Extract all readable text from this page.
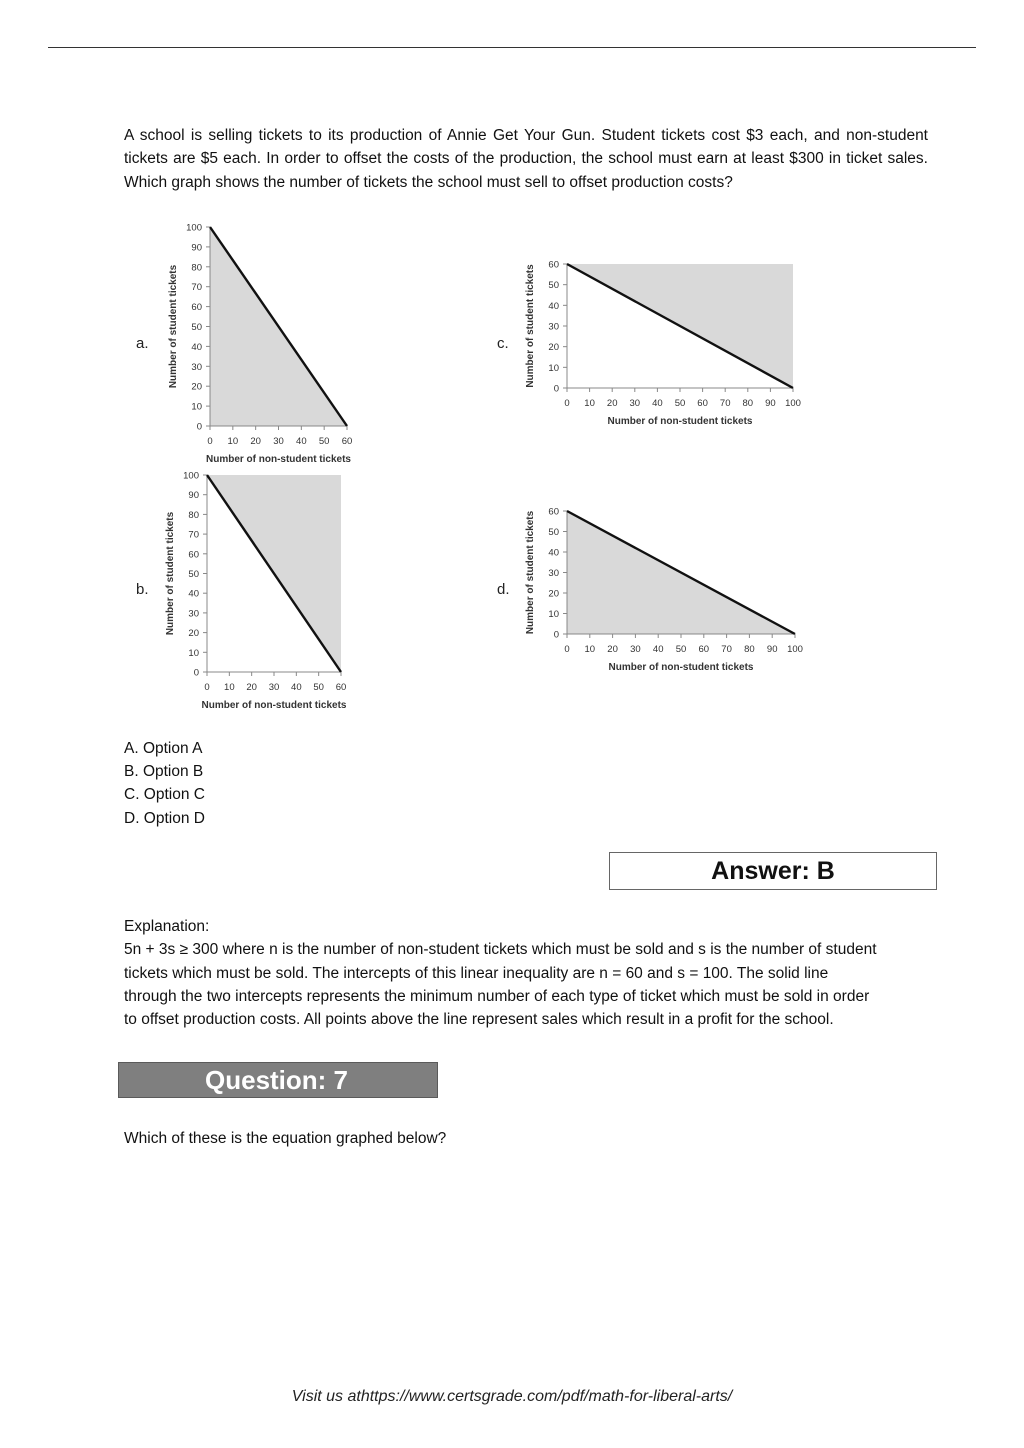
A school is selling tickets to its production of Annie Get Your Gun. Student tickets cost $3 each, and non-student tickets are $5 each. In order to offset the costs of the production, the school must earn at least $300 in ticket sales. Which graph shows the number of tickets the school must sell to offset production costs?

a.
0 10 20 30 40 50 60
0
10
20
30
40
50
60
70
80
90
100
Number of non-student tickets
Number of student tickets	c.
0 10 20 30 40 50 60 70 80 90 100
0
10
20
30
40
50
60
Number of non-student tickets
Number of student tickets
b.
0 10 20 30 40 50 60
0
10
20
30
40
50
60
70
80
90
100
Number of non-student tickets
Number of student tickets	d.
0 10 20 30 40 50 60 70 80 90 100
0
10
20
30
40
50
60
Number of non-student tickets
Number of student tickets
A. Option A
B. Option B
C. Option C
D. Option D
Answer: B

Explanation:

5n + 3s ≥ 300 where n is the number of non-student tickets which must be sold and s is the number of student tickets which must be sold. The intercepts of this linear inequality are n = 60 and s = 100. The solid line through the two intercepts represents the minimum number of each type of ticket which must be sold in order to offset production costs. All points above the line represent sales which result in a profit for the school.

Question: 7
Which of these is the equation graphed below?
Visit us athttps://www.certsgrade.com/pdf/math-for-liberal-arts/
